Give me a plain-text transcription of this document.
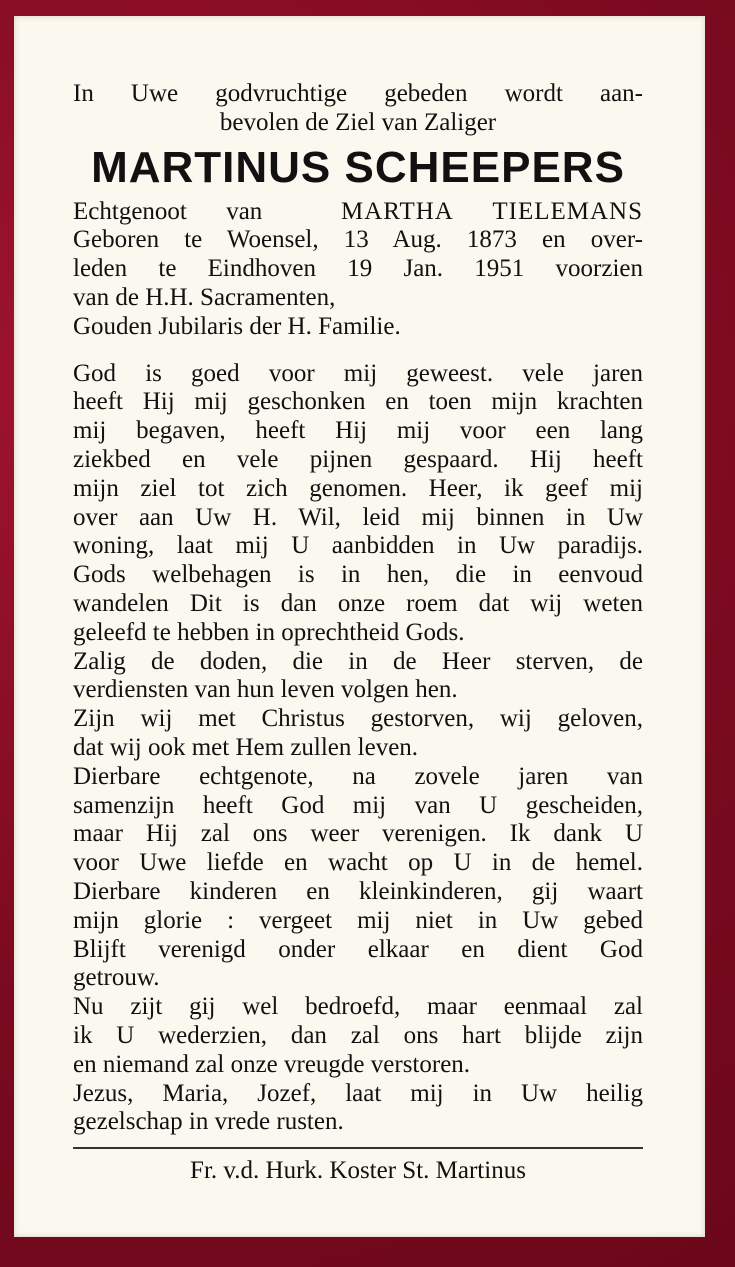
In Uwe godvruchtige gebeden wordt aan-
bevolen de Ziel van Zaliger
MARTINUS SCHEEPERS
Echtgenoot van	MARTHA TIELEMANS
Geboren te Woensel, 13 Aug. 1873 en over-
leden te Eindhoven 19 Jan. 1951 voorzien
van de H.H. Sacramenten,
Gouden Jubilaris der H. Familie.
God is goed voor mij geweest. vele jaren
heeft Hij mij geschonken en toen mijn krachten
mij begaven, heeft Hij mij voor een lang
ziekbed en vele pijnen gespaard. Hij heeft
mijn ziel tot zich genomen. Heer, ik geef mij
over aan Uw H. Wil, leid mij binnen in Uw
woning, laat mij U aanbidden in Uw paradijs.
Gods welbehagen is in hen, die in eenvoud
wandelen Dit is dan onze roem dat wij weten
geleefd te hebben in oprechtheid Gods.
Zalig de doden, die in de Heer sterven, de
verdiensten van hun leven volgen hen.
Zijn wij met Christus gestorven, wij geloven,
dat wij ook met Hem zullen leven.
Dierbare echtgenote, na zovele jaren van
samenzijn heeft God mij van U gescheiden,
maar Hij zal ons weer verenigen. Ik dank U
voor Uwe liefde en wacht op U in de hemel.
Dierbare kinderen en kleinkinderen, gij waart
mijn glorie : vergeet mij niet in Uw gebed
Blijft verenigd onder elkaar en dient God
getrouw.
Nu zijt gij wel bedroefd, maar eenmaal zal
ik U wederzien, dan zal ons hart blijde zijn
en niemand zal onze vreugde verstoren.
Jezus, Maria, Jozef, laat mij in Uw heilig
gezelschap in vrede rusten.
Fr. v.d. Hurk. Koster St. Martinus
